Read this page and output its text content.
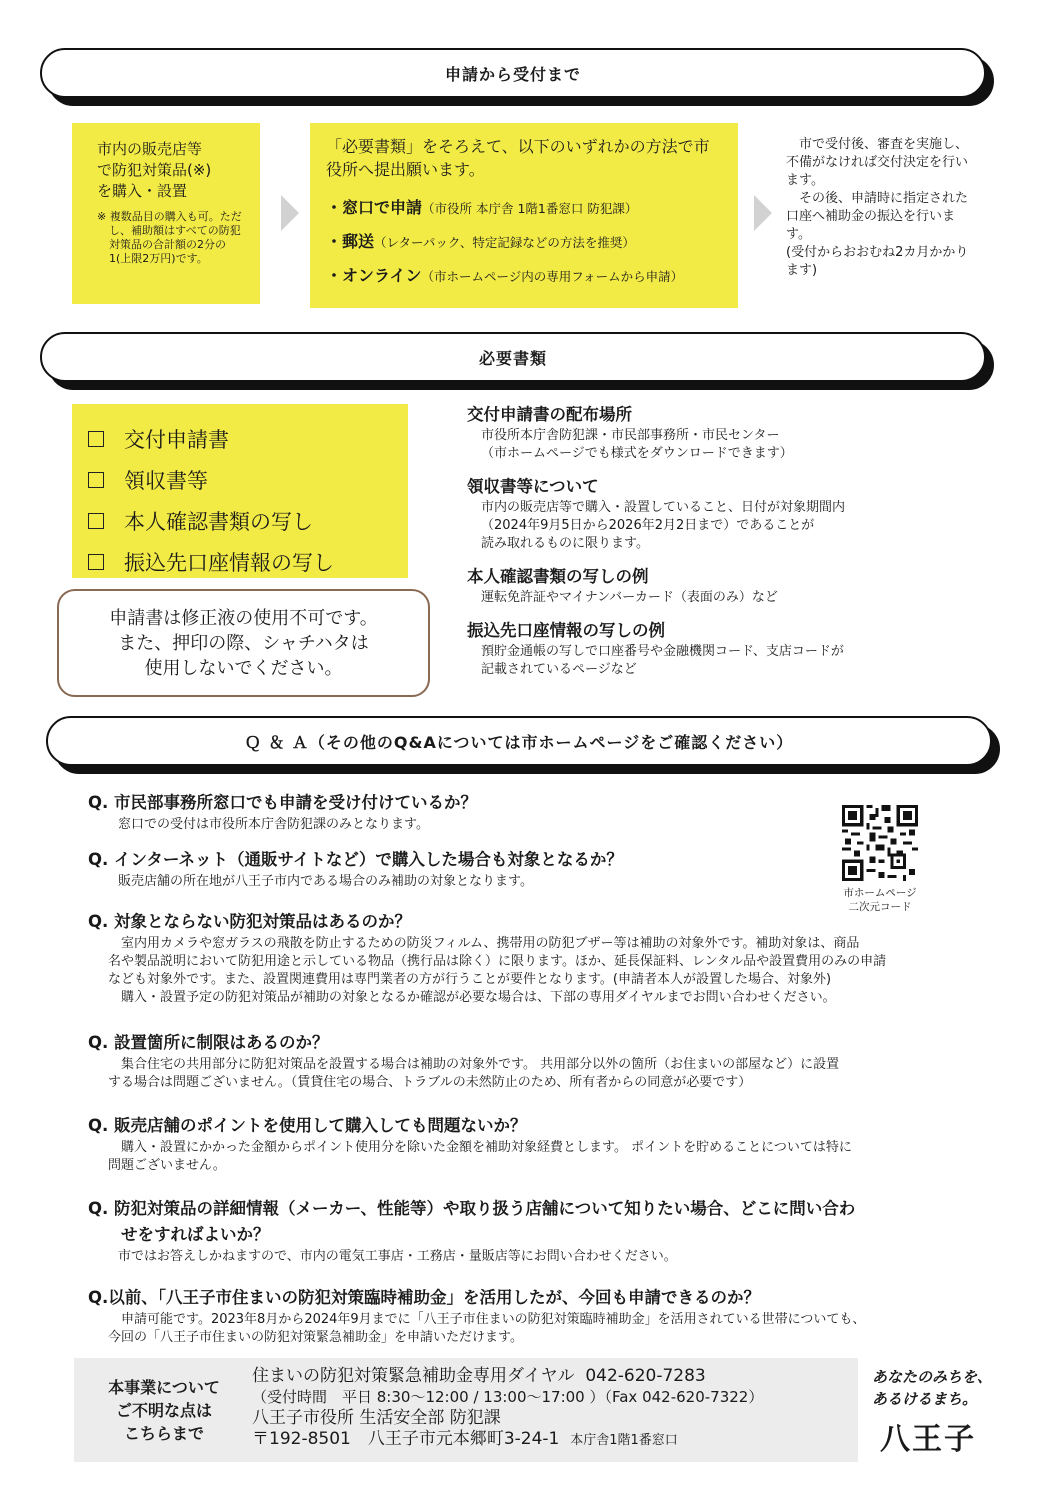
申請から受付まで
市内の販売店等
で防犯対策品(※)
を購入・設置
※ 複数品目の購入も可。ただし、補助額はすべての防犯対策品の合計額の2分の1(上限2万円)です。
「必要書類」をそろえて、以下のいずれかの方法で市役所へ提出願います。
・窓口で申請（市役所 本庁舎 1階1番窓口 防犯課）
・郵送（レターパック、特定記録などの方法を推奨）
・オンライン（市ホームページ内の専用フォームから申請）

市で受付後、審査を実施し、不備がなければ交付決定を行います。

その後、申請時に指定された口座へ補助金の振込を行います。

(受付からおおむね2カ月かかります)
必要書類
交付申請書
領収書等
本人確認書類の写し
振込先口座情報の写し
申請書は修正液の使用不可です。
また、押印の際、シャチハタは
使用しないでください。
交付申請書の配布場所
市役所本庁舎防犯課・市民部事務所・市民センター
（市ホームページでも様式をダウンロードできます）
領収書等について
市内の販売店等で購入・設置していること、日付が対象期間内
（2024年9月5日から2026年2月2日まで）であることが
読み取れるものに限ります。
本人確認書類の写しの例
運転免許証やマイナンバーカード（表面のみ）など
振込先口座情報の写しの例
預貯金通帳の写しで口座番号や金融機関コード、支店コードが
記載されているページなど
Ｑ ＆ Ａ（その他のQ&Aについては市ホームページをご確認ください）
Q. 市民部事務所窓口でも申請を受け付けているか？
窓口での受付は市役所本庁舎防犯課のみとなります。
Q. インターネット（通販サイトなど）で購入した場合も対象となるか？
販売店舗の所在地が八王子市内である場合のみ補助の対象となります。
Q. 対象とならない防犯対策品はあるのか？
　室内用カメラや窓ガラスの飛散を防止するための防災フィルム、携帯用の防犯ブザー等は補助の対象外です。補助対象は、商品
名や製品説明において防犯用途と示している物品（携行品は除く）に限ります。ほか、延長保証料、レンタル品や設置費用のみの申請
なども対象外です。また、設置関連費用は専門業者の方が行うことが要件となります。(申請者本人が設置した場合、対象外)
　購入・設置予定の防犯対策品が補助の対象となるか確認が必要な場合は、下部の専用ダイヤルまでお問い合わせください。
Q. 設置箇所に制限はあるのか？
　集合住宅の共用部分に防犯対策品を設置する場合は補助の対象外です。 共用部分以外の箇所（お住まいの部屋など）に設置
する場合は問題ございません。（賃貸住宅の場合、トラブルの未然防止のため、所有者からの同意が必要です）
Q. 販売店舗のポイントを使用して購入しても問題ないか？
　購入・設置にかかった金額からポイント使用分を除いた金額を補助対象経費とします。 ポイントを貯めることについては特に
問題ございません。
Q. 防犯対策品の詳細情報（メーカー、性能等）や取り扱う店舗について知りたい場合、どこに問い合わ
　　せをすればよいか？
市ではお答えしかねますので、市内の電気工事店・工務店・量販店等にお問い合わせください。
Q.以前、「八王子市住まいの防犯対策臨時補助金」を活用したが、今回も申請できるのか？
　申請可能です。2023年8月から2024年9月までに「八王子市住まいの防犯対策臨時補助金」を活用されている世帯についても、
今回の「八王子市住まいの防犯対策緊急補助金」を申請いただけます。
市ホームページ
二次元コード
本事業について
ご不明な点は
こちらまで
住まいの防犯対策緊急補助金専用ダイヤル 042-620-7283
（受付時間　平日 8:30～12:00 / 13:00～17:00 ）（Fax 042-620-7322）
八王子市役所 生活安全部 防犯課
〒192-8501　八王子市元本郷町3-24-1 本庁舎1階1番窓口
あなたのみちを、
あるけるまち。
八王子
